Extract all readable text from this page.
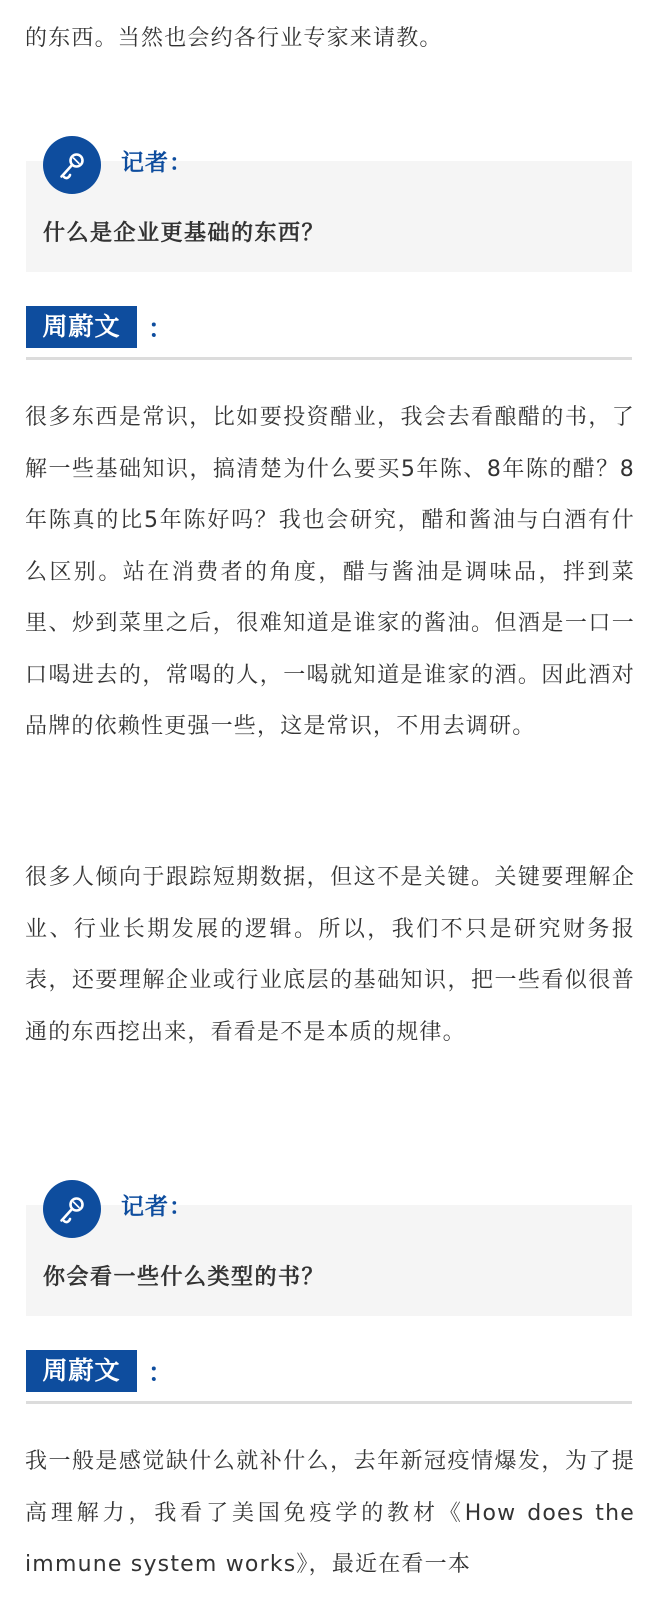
的东西。当然也会约各行业专家来请教。

记者：
什么是企业更基础的东西？
周蔚文	：

很多东西是常识，比如要投资醋业，我会去看酿醋的书，了解一些基础知识，搞清楚为什么要买5年陈、8年陈的醋？8年陈真的比5年陈好吗？我也会研究，醋和酱油与白酒有什么区别。站在消费者的角度，醋与酱油是调味品，拌到菜里、炒到菜里之后，很难知道是谁家的酱油。但酒是一口一口喝进去的，常喝的人，一喝就知道是谁家的酒。因此酒对品牌的依赖性更强一些，这是常识，不用去调研。

很多人倾向于跟踪短期数据，但这不是关键。关键要理解企业、行业长期发展的逻辑。所以，我们不只是研究财务报表，还要理解企业或行业底层的基础知识，把一些看似很普通的东西挖出来，看看是不是本质的规律。

记者：
你会看一些什么类型的书？
周蔚文	：

我一般是感觉缺什么就补什么，去年新冠疫情爆发，为了提高理解力，我看了美国免疫学的教材《How does the immune system works》，最近在看一本
